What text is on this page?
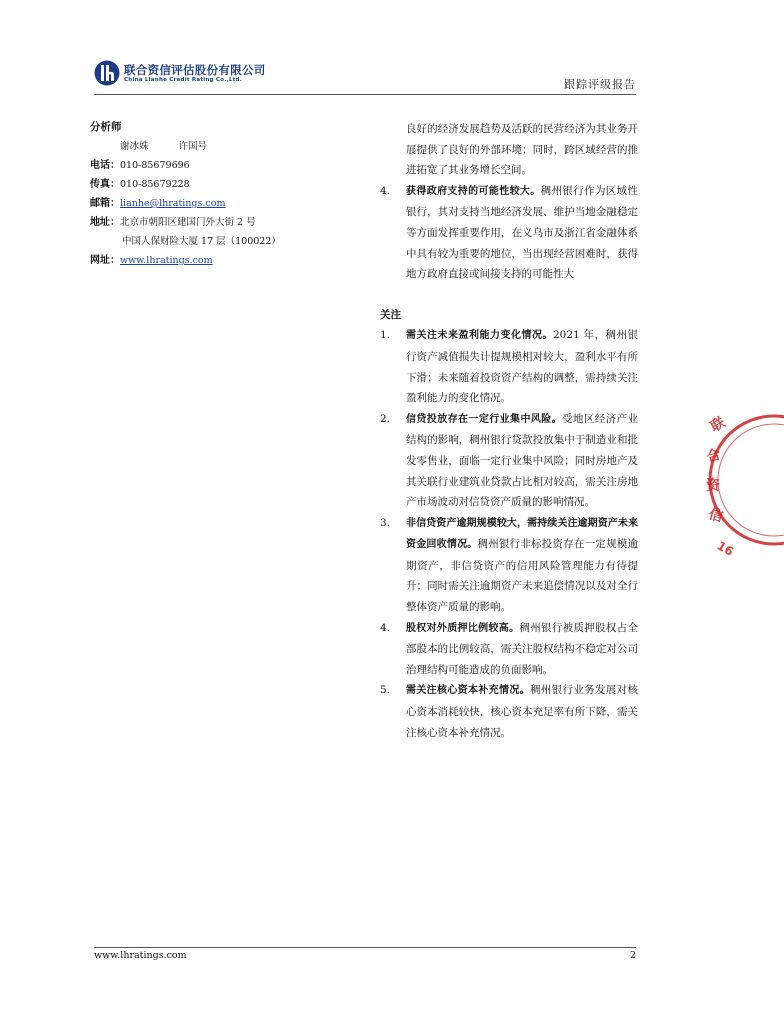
联合资信评估股份有限公司
China Lianhe Credit Rating Co.,Ltd.	跟踪评级报告
分析师
谢冰姝	许国号
电话：010-85679696
传真：010-85679228
邮箱：lianhe@lhratings.com
地址：北京市朝阳区建国门外大街 2 号
中国人保财险大厦 17 层（100022）
网址：www.lhratings.com
良好的经济发展趋势及活跃的民营经济为其业务开展提供了良好的外部环境；同时，跨区域经营的推进拓宽了其业务增长空间。
4.	获得政府支持的可能性较大。稠州银行作为区域性银行，其对支持当地经济发展、维护当地金融稳定等方面发挥重要作用，在义乌市及浙江省金融体系中具有较为重要的地位，当出现经营困难时，获得地方政府直接或间接支持的可能性大
关注
1.	需关注未来盈利能力变化情况。2021 年，稠州银行资产减值损失计提规模相对较大，盈利水平有所下滑；未来随着投资资产结构的调整，需持续关注盈利能力的变化情况。
2.	信贷投放存在一定行业集中风险。受地区经济产业结构的影响，稠州银行贷款投放集中于制造业和批发零售业，面临一定行业集中风险；同时房地产及其关联行业建筑业贷款占比相对较高，需关注房地产市场波动对信贷资产质量的影响情况。
3.	非信贷资产逾期规模较大，需持续关注逾期资产未来资金回收情况。稠州银行非标投资存在一定规模逾期资产，非信贷资产的信用风险管理能力有待提升；同时需关注逾期资产未来追偿情况以及对全行整体资产质量的影响。
4.	股权对外质押比例较高。稠州银行被质押股权占全部股本的比例较高，需关注股权结构不稳定对公司治理结构可能造成的负面影响。
5.	需关注核心资本补充情况。稠州银行业务发展对核心资本消耗较快，核心资本充足率有所下降，需关注核心资本补充情况。
联
合
资
信
16
www.lhratings.com	2
